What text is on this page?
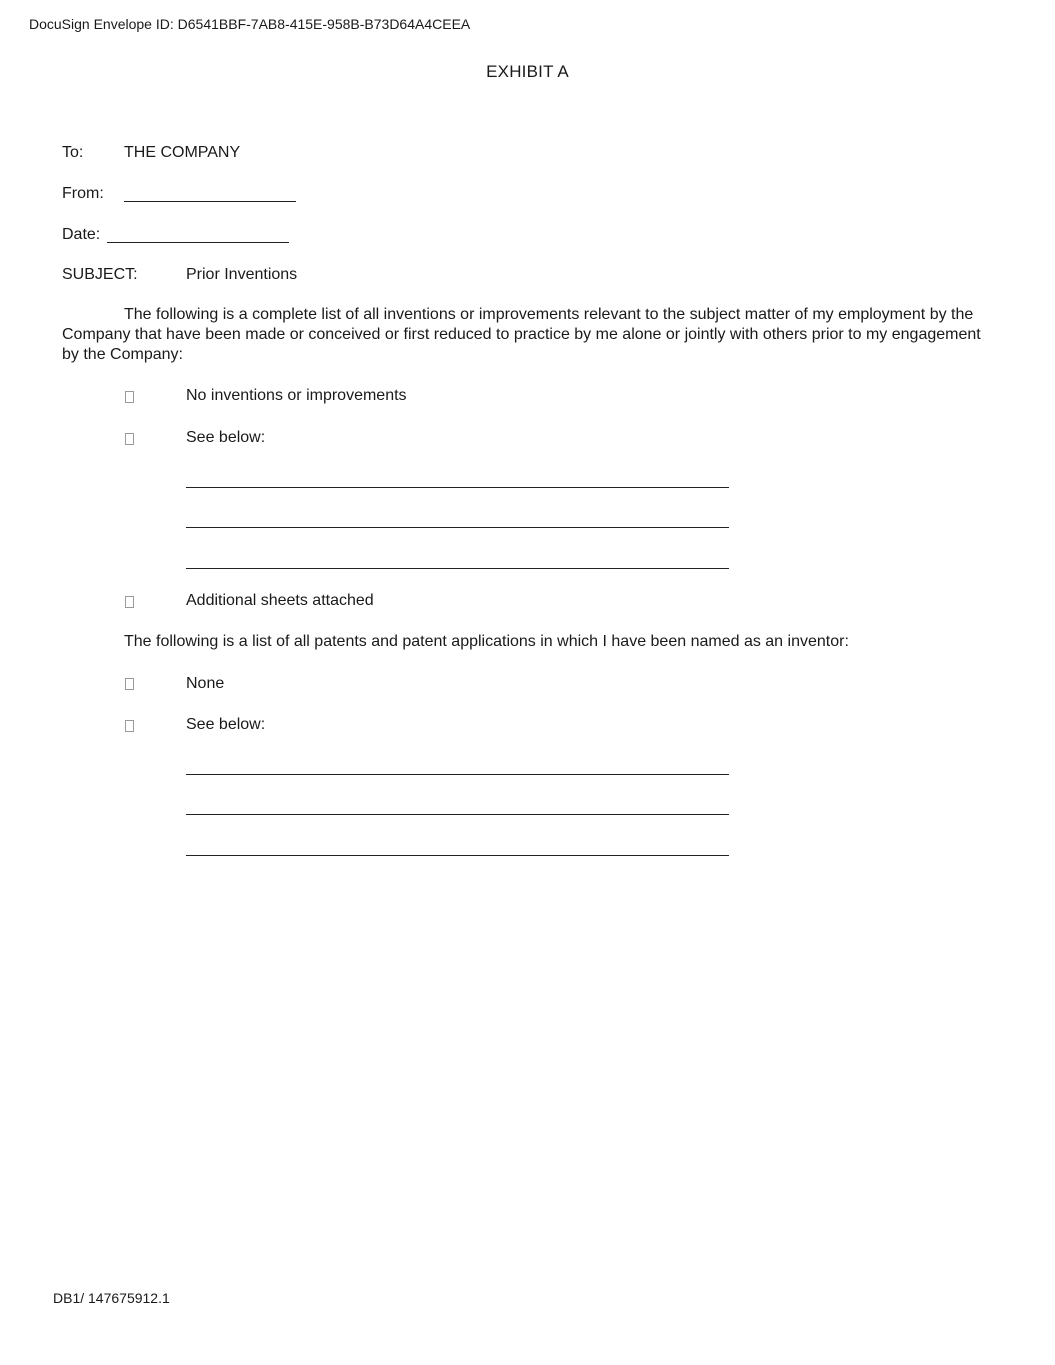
DocuSign Envelope ID: D6541BBF-7AB8-415E-958B-B73D64A4CEEA
EXHIBIT A
To:	THE COMPANY
From:
Date:
SUBJECT:	Prior Inventions
The following is a complete list of all inventions or improvements relevant to the subject matter of my employment by the Company that have been made or conceived or first reduced to practice by me alone or jointly with others prior to my engagement by the Company:
No inventions or improvements
See below:
Additional sheets attached
The following is a list of all patents and patent applications in which I have been named as an inventor:
None
See below:
DB1/ 147675912.1
